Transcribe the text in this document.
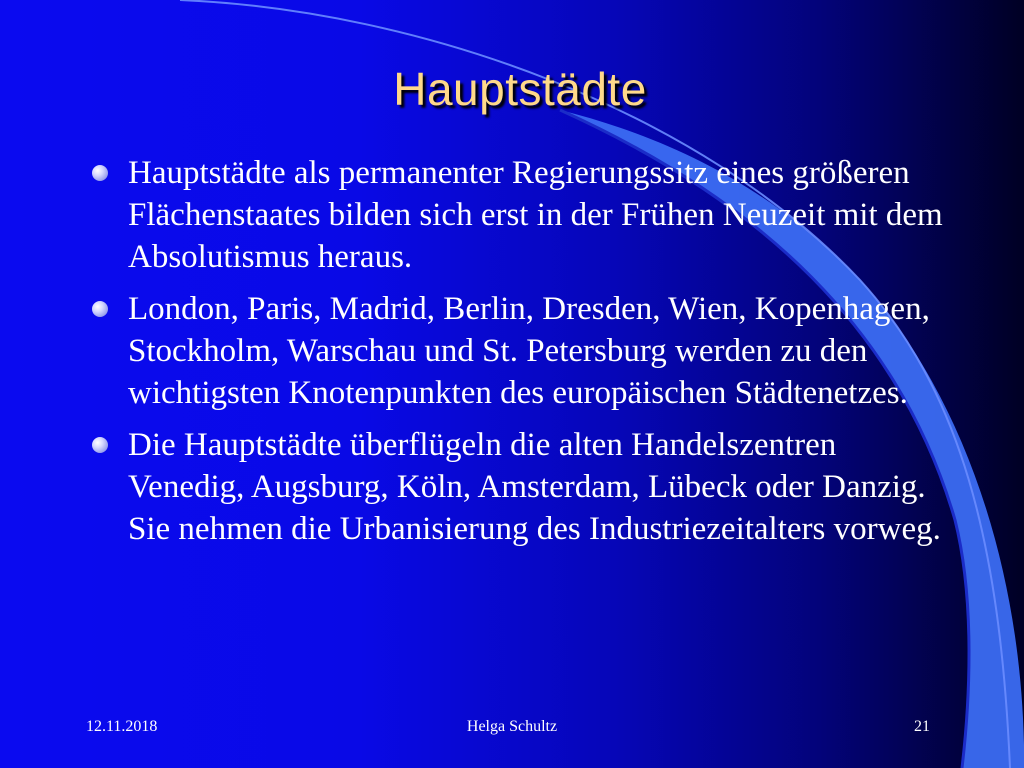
Hauptstädte
Hauptstädte als permanenter Regierungssitz eines größeren Flächenstaates bilden sich erst in der Frühen Neuzeit mit dem Absolutismus heraus.
London, Paris, Madrid, Berlin, Dresden, Wien, Kopenhagen, Stockholm, Warschau und St. Petersburg werden zu den wichtigsten Knotenpunkten des europäischen Städtenetzes.
Die Hauptstädte überflügeln die alten Handelszentren Venedig, Augsburg, Köln, Amsterdam, Lübeck oder Danzig. Sie nehmen die Urbanisierung des Industriezeitalters vorweg.
12.11.2018	Helga Schultz	21
